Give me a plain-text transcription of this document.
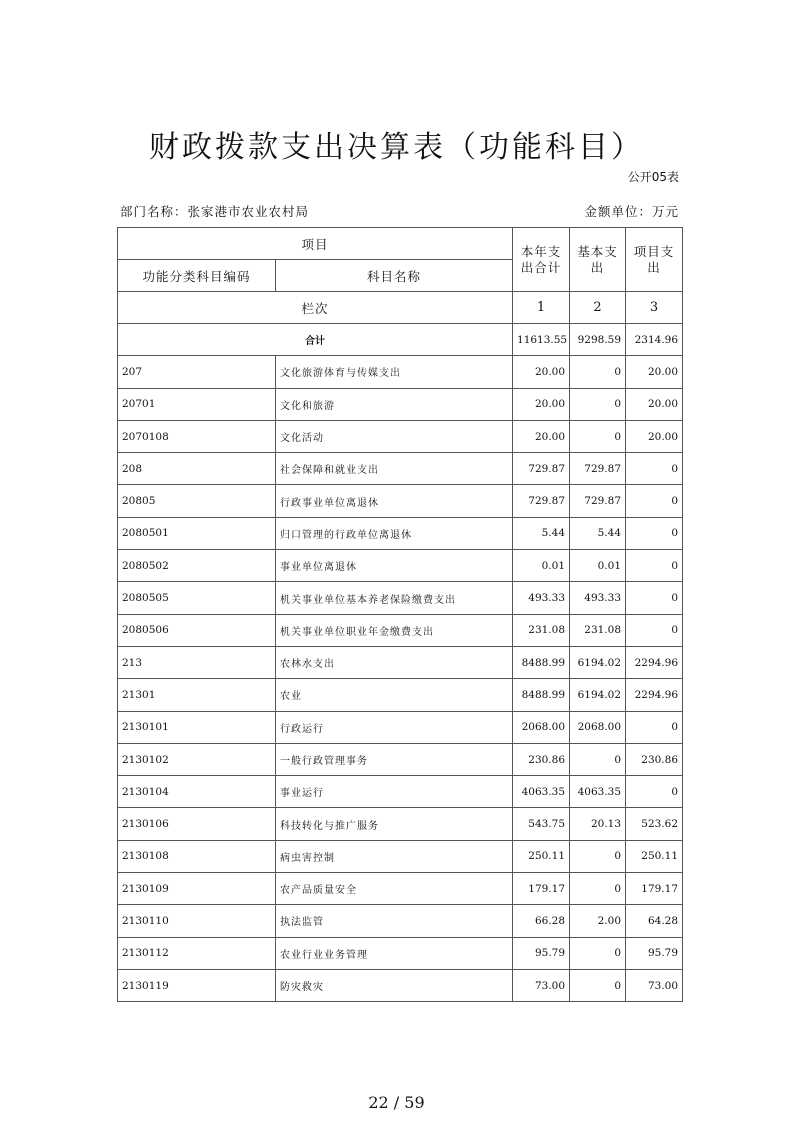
财政拨款支出决算表（功能科目）
公开05表
部门名称：张家港市农业农村局	金额单位：万元
项目		本年支出合计	基本支出	项目支出
功能分类科目编码	科目名称			
栏次		1	2	3
合计		11613.55	9298.59	2314.96
207	文化旅游体育与传媒支出	20.00	0	20.00
20701	文化和旅游	20.00	0	20.00
2070108	文化活动	20.00	0	20.00
208	社会保障和就业支出	729.87	729.87	0
20805	行政事业单位离退休	729.87	729.87	0
2080501	归口管理的行政单位离退休	5.44	5.44	0
2080502	事业单位离退休	0.01	0.01	0
2080505	机关事业单位基本养老保险缴费支出	493.33	493.33	0
2080506	机关事业单位职业年金缴费支出	231.08	231.08	0
213	农林水支出	8488.99	6194.02	2294.96
21301	农业	8488.99	6194.02	2294.96
2130101	行政运行	2068.00	2068.00	0
2130102	一般行政管理事务	230.86	0	230.86
2130104	事业运行	4063.35	4063.35	0
2130106	科技转化与推广服务	543.75	20.13	523.62
2130108	病虫害控制	250.11	0	250.11
2130109	农产品质量安全	179.17	0	179.17
2130110	执法监管	66.28	2.00	64.28
2130112	农业行业业务管理	95.79	0	95.79
2130119	防灾救灾	73.00	0	73.00
22 / 59
